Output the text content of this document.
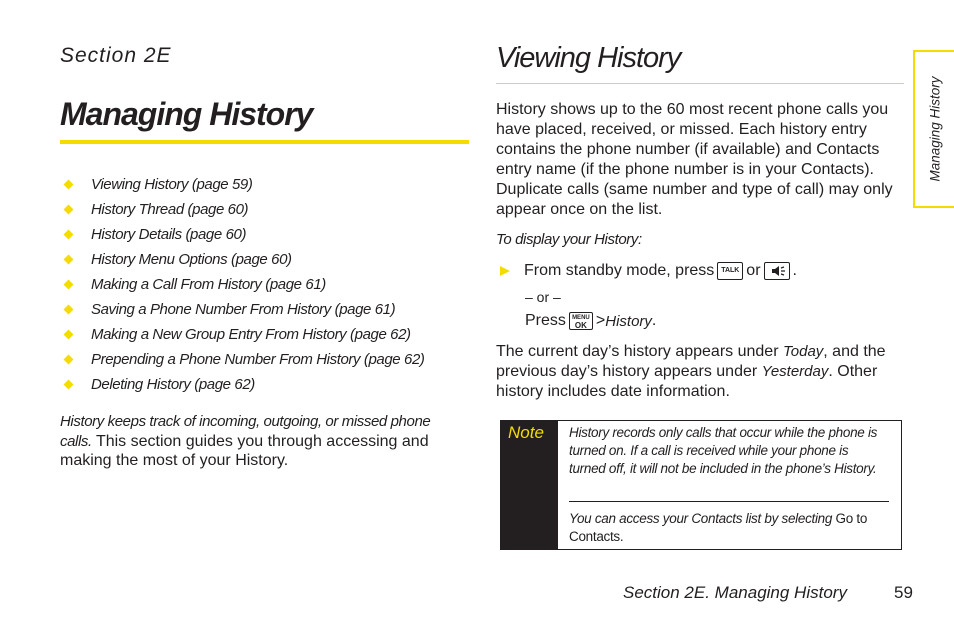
Section 2E
Managing History
Viewing History (page 59)
History Thread (page 60)
History Details (page 60)
History Menu Options (page 60)
Making a Call From History (page 61)
Saving a Phone Number From History (page 61)
Making a New Group Entry From History (page 62)
Prepending a Phone Number From History (page 62)
Deleting History (page 62)
History keeps track of incoming, outgoing, or missed phone calls. This section guides you through accessing and making the most of your History.
Viewing History
History shows up to the 60 most recent phone calls you have placed, received, or missed. Each history entry contains the phone number (if available) and Contacts entry name (if the phone number is in your Contacts). Duplicate calls (same number and type of call) may only appear once on the list.
To display your History:
From standby mode, press TALK or .
– or –
Press	MENU
OK > History .
The current day’s history appears under Today, and the previous day’s history appears under Yesterday. Other history includes date information.
Note History records only calls that occur while the phone is turned on. If a call is received while your phone is turned off, it will not be included in the phone’s History.
You can access your Contacts list by selecting Go to Contacts.
Managing History
Section 2E. Managing History	59
